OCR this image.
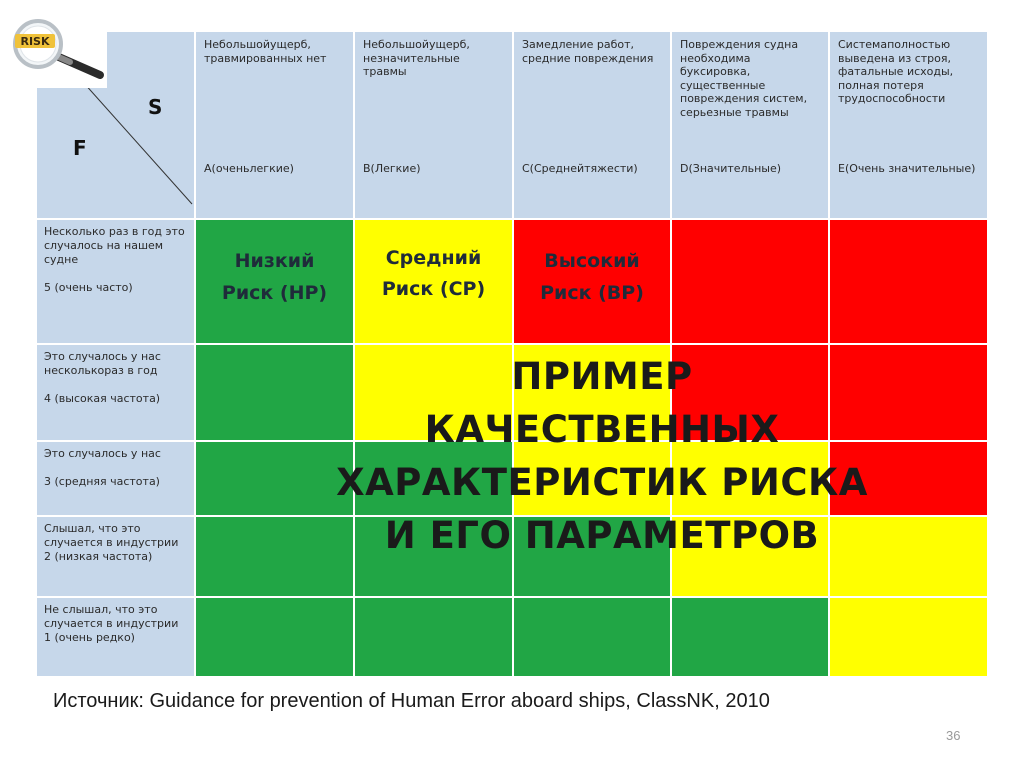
Небольшойущерб, травмированных нет
A(оченьлегкие)
Небольшойущерб, незначительные травмы
B(Легкие)
Замедление работ, средние повреждения
C(Среднейтяжести)
Повреждения судна необходима буксировка, существенные повреждения систем, серьезные травмы
D(Значительные)
Системаполностью выведена из строя, фатальные исходы, полная потеря трудоспособности
E(Очень значительные)
Несколько раз в год это случалось на нашем судне
5 (очень часто)
Это случалось у нас несколькораз в год
4 (высокая частота)
Это случалось у нас
3 (средняя частота)
Слышал, что это случается в индустрии
2 (низкая частота)
Не слышал, что это случается в индустрии
1 (очень редко)
Низкий
Риск (НР)
Средний
Риск (СР)
Высокий
Риск (ВР)
RISK
S
F
ПРИМЕР
КАЧЕСТВЕННЫХ
ХАРАКТЕРИСТИК РИСКА
И ЕГО ПАРАМЕТРОВ
Источник: Guidance for prevention of Human Error aboard ships, ClassNK, 2010
36
